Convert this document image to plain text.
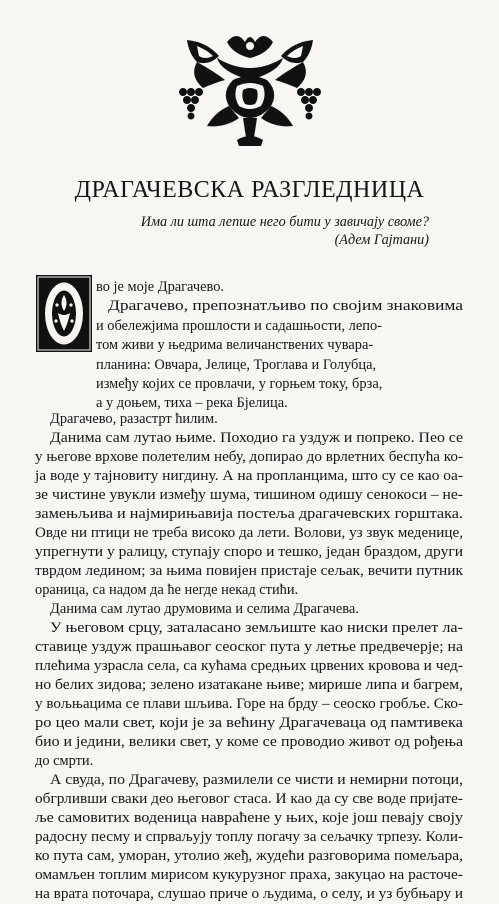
ДРАГАЧЕВСКА РАЗГЛЕДНИЦА
Има ли шта лепше него бити у завичају своме?
(Адем Гајтани)
О
во је моје Драгачево.
Драгачево, препознатљиво по својим знаковима
и обележјима прошлости и садашњости, лепо-
том живи у њедрима величанствених чувара-
планина: Овчара, Јелице, Троглава и Голубца,
између којих се провлачи, у горњем току, брза,
а у доњем, тиха – река Бјелица.
Драгачево, разастрт ћилим.
Данима сам лутао њиме. Походио га уздуж и попреко. Пео се
у његове врхове полетелим небу, допирао до врлетних беспућа ко-
ја воде у тајновиту нигдину. А на пропланцима, што су се као оа-
зе чистине увукли између шума, тишином одишу сенокоси – не-
замењљива и најмирињавија постеља драгачевских горштака.
Овде ни птици не треба високо да лети. Волови, уз звук меденице,
упрегнути у ралицу, ступају споро и тешко, један браздом, други
тврдом ледином; за њима повијен пристаје сељак, вечити путник
ораница, са надом да ће негде некад стићи.
Данима сам лутао друмовима и селима Драгачева.
У његовом срцу, заталасано земљиште као ниски прелет ла-
ставице уздуж прашњавог сеоског пута у летње предвечерје; на
плећима узрасла села, са кућама средњих црвених кровова и чед-
но белих зидова; зелено изатакане њиве; мирише липа и багрем,
у вољњацима се плави шљива. Горе на брду – сеоско гробље. Ско-
ро цео мали свет, који је за већину Драгачеваца од памтивека
био и једини, велики свет, у коме се проводио живот од рођења
до смрти.
А свуда, по Драгачеву, размилели се чисти и немирни потоци,
обгрливши сваки део његовог стаса. И као да су све воде пријате-
ље самовитих воденица навраћене у њих, које још певају своју
радосну песму и спрваљују топлу погачу за сељачку трпезу. Коли-
ко пута сам, уморан, утолио жеђ, жудећи разговорима помељара,
омамљен топлим мирисом кукурузног праха, закуцао на расточе-
на врата поточара, слушао приче о људима, о селу, и уз бубњару и
